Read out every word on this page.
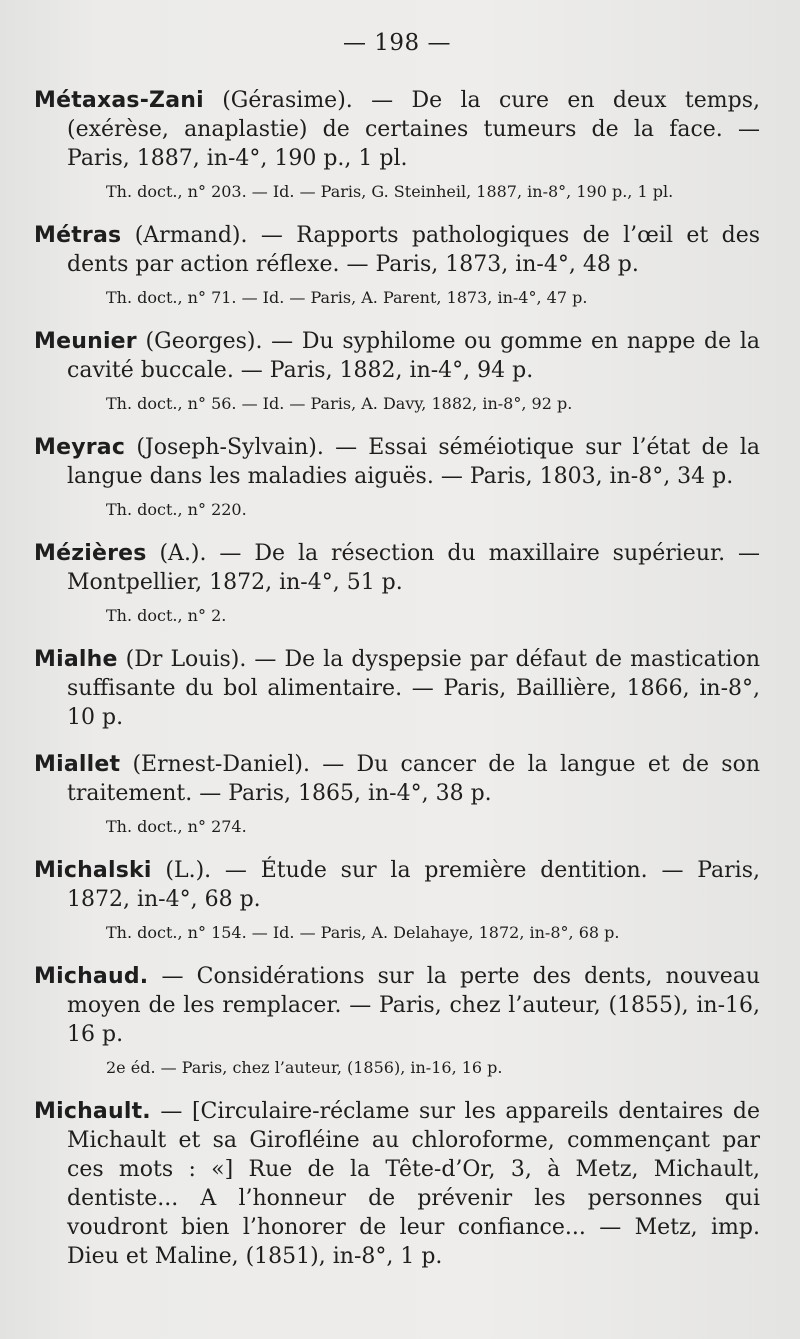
— 198 —
Métaxas-Zani (Gérasime). — De la cure en deux temps, (exérèse, anaplastie) de certaines tumeurs de la face. — Paris, 1887, in-4°, 190 p., 1 pl.
Th. doct., n° 203. — Id. — Paris, G. Steinheil, 1887, in-8°, 190 p., 1 pl.
Métras (Armand). — Rapports pathologiques de l’œil et des dents par action réflexe. — Paris, 1873, in-4°, 48 p.
Th. doct., n° 71. — Id. — Paris, A. Parent, 1873, in-4°, 47 p.
Meunier (Georges). — Du syphilome ou gomme en nappe de la cavité buccale. — Paris, 1882, in-4°, 94 p.
Th. doct., n° 56. — Id. — Paris, A. Davy, 1882, in-8°, 92 p.
Meyrac (Joseph-Sylvain). — Essai séméiotique sur l’état de la langue dans les maladies aiguës. — Paris, 1803, in-8°, 34 p.
Th. doct., n° 220.
Mézières (A.). — De la résection du maxillaire supérieur. — Montpellier, 1872, in-4°, 51 p.
Th. doct., n° 2.
Mialhe (Dr Louis). — De la dyspepsie par défaut de mastication suffisante du bol alimentaire. — Paris, Baillière, 1866, in-8°, 10 p.
Miallet (Ernest-Daniel). — Du cancer de la langue et de son traitement. — Paris, 1865, in-4°, 38 p.
Th. doct., n° 274.
Michalski (L.). — Étude sur la première dentition. — Paris, 1872, in-4°, 68 p.
Th. doct., n° 154. — Id. — Paris, A. Delahaye, 1872, in-8°, 68 p.
Michaud. — Considérations sur la perte des dents, nouveau moyen de les remplacer. — Paris, chez l’auteur, (1855), in-16, 16 p.
2e éd. — Paris, chez l’auteur, (1856), in-16, 16 p.
Michault. — [Circulaire-réclame sur les appareils dentaires de Michault et sa Girofléine au chloroforme, commençant par ces mots : «] Rue de la Tête-d’Or, 3, à Metz, Michault, dentiste... A l’honneur de prévenir les personnes qui voudront bien l’honorer de leur confiance... — Metz, imp. Dieu et Maline, (1851), in-8°, 1 p.
